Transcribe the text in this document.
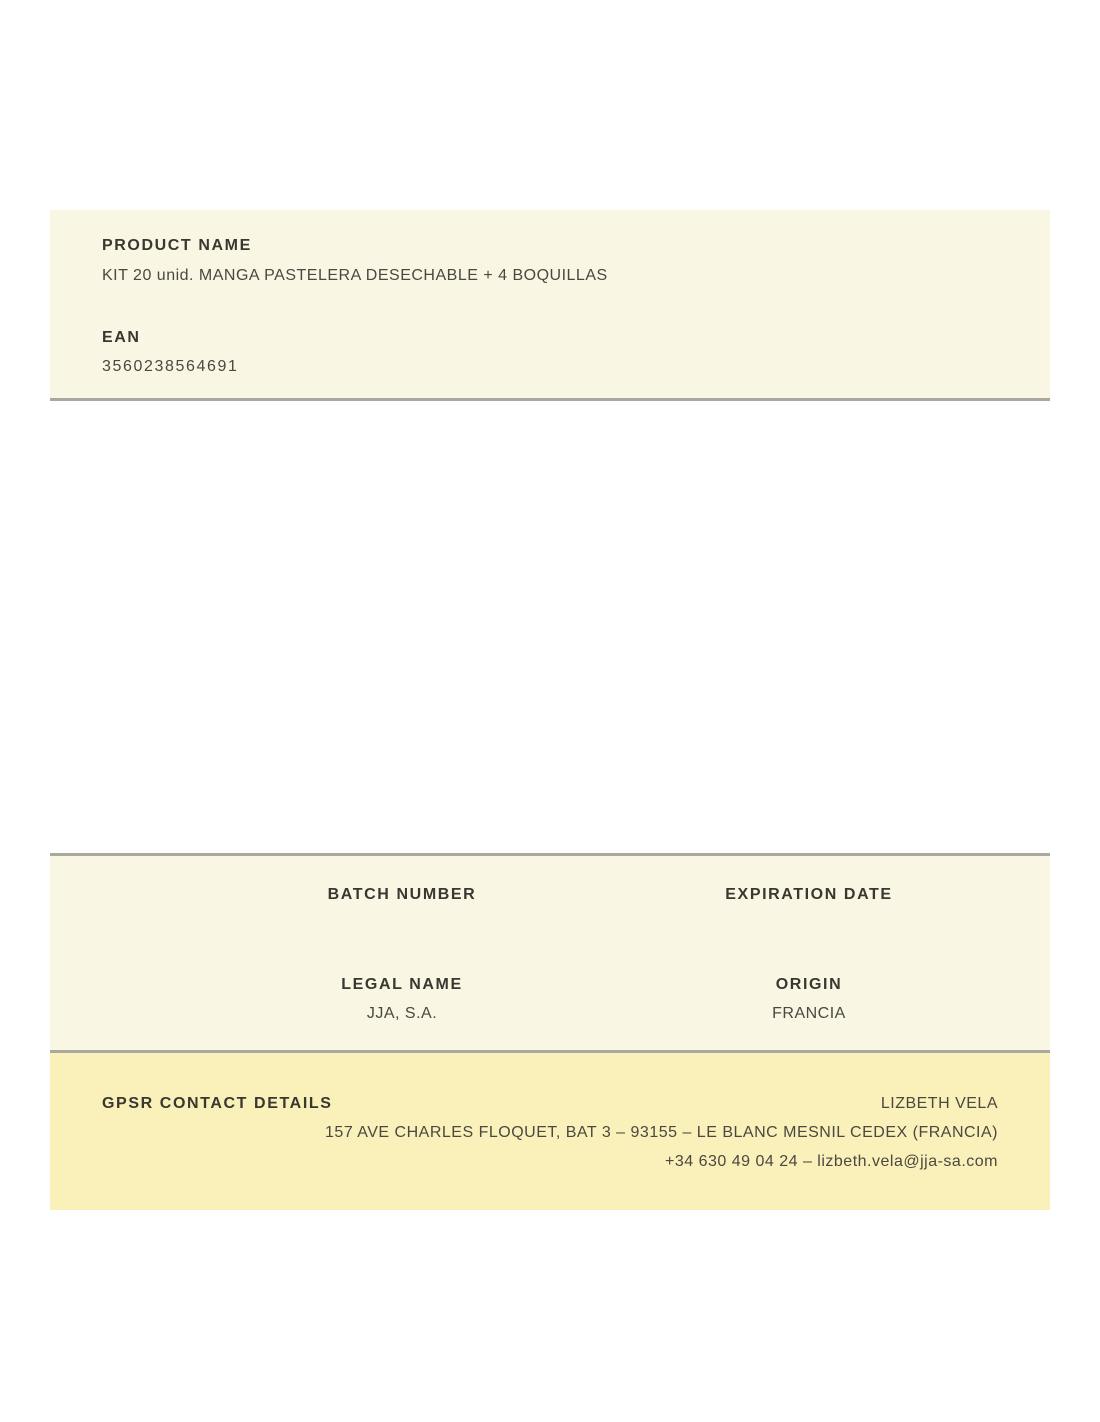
PRODUCT NAME
KIT 20 unid. MANGA PASTELERA DESECHABLE + 4 BOQUILLAS
EAN
3560238564691
BATCH NUMBER	EXPIRATION DATE
LEGAL NAME	ORIGIN
JJA, S.A.	FRANCIA
GPSR CONTACT DETAILS	LIZBETH VELA
157 AVE CHARLES FLOQUET, BAT 3 – 93155 – LE BLANC MESNIL CEDEX (FRANCIA)
+34 630 49 04 24 – lizbeth.vela@jja-sa.com
